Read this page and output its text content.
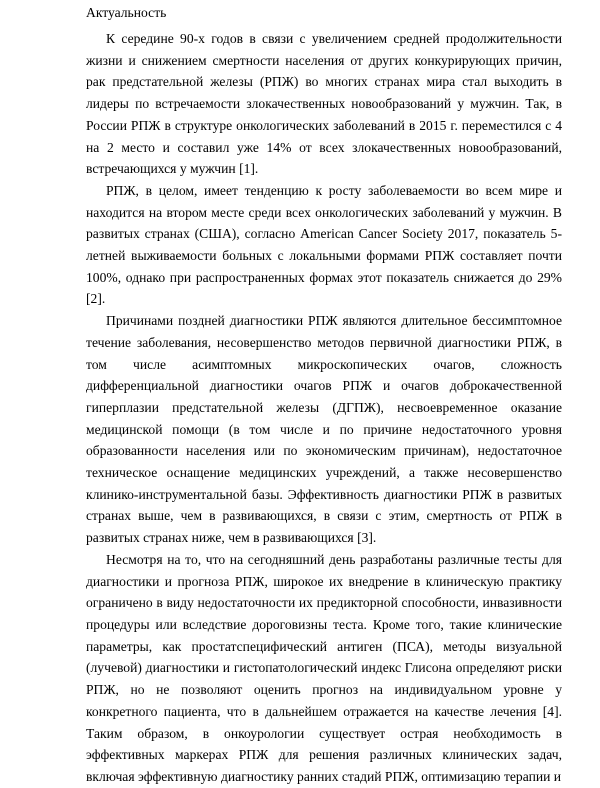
Актуальность

К середине 90-х годов в связи с увеличением средней продолжительности жизни и снижением смертности населения от других конкурирующих причин, рак предстательной железы (РПЖ) во многих странах мира стал выходить в лидеры по встречаемости злокачественных новообразований у мужчин. Так, в России РПЖ в структуре онкологических заболеваний в 2015 г. переместился с 4 на 2 место и составил уже 14% от всех злокачественных новообразований, встречающихся у мужчин [1].

РПЖ, в целом, имеет тенденцию к росту заболеваемости во всем мире и находится на втором месте среди всех онкологических заболеваний у мужчин. В развитых странах (США), согласно American Cancer Society 2017, показатель 5-летней выживаемости больных с локальными формами РПЖ составляет почти 100%, однако при распространенных формах этот показатель снижается до 29% [2].

Причинами поздней диагностики РПЖ являются длительное бессимптомное течение заболевания, несовершенство методов первичной диагностики РПЖ, в том числе асимптомных микроскопических очагов, сложность дифференциальной диагностики очагов РПЖ и очагов доброкачественной гиперплазии предстательной железы (ДГПЖ), несвоевременное оказание медицинской помощи (в том числе и по причине недостаточного уровня образованности населения или по экономическим причинам), недостаточное техническое оснащение медицинских учреждений, а также несовершенство клинико-инструментальной базы. Эффективность диагностики РПЖ в развитых странах выше, чем в развивающихся, в связи с этим, смертность от РПЖ в развитых странах ниже, чем в развивающихся [3].

Несмотря на то, что на сегодняшний день разработаны различные тесты для диагностики и прогноза РПЖ, широкое их внедрение в клиническую практику ограничено в виду недостаточности их предикторной способности, инвазивности процедуры или вследствие дороговизны теста. Кроме того, такие клинические параметры, как простатспецифический антиген (ПСА), методы визуальной (лучевой) диагностики и гистопатологический индекс Глисона определяют риски РПЖ, но не позволяют оценить прогноз на индивидуальном уровне у конкретного пациента, что в дальнейшем отражается на качестве лечения [4]. Таким образом, в онкоурологии существует острая необходимость в эффективных маркерах РПЖ для решения различных клинических задач, включая эффективную диагностику ранних стадий РПЖ, оптимизацию терапии и
